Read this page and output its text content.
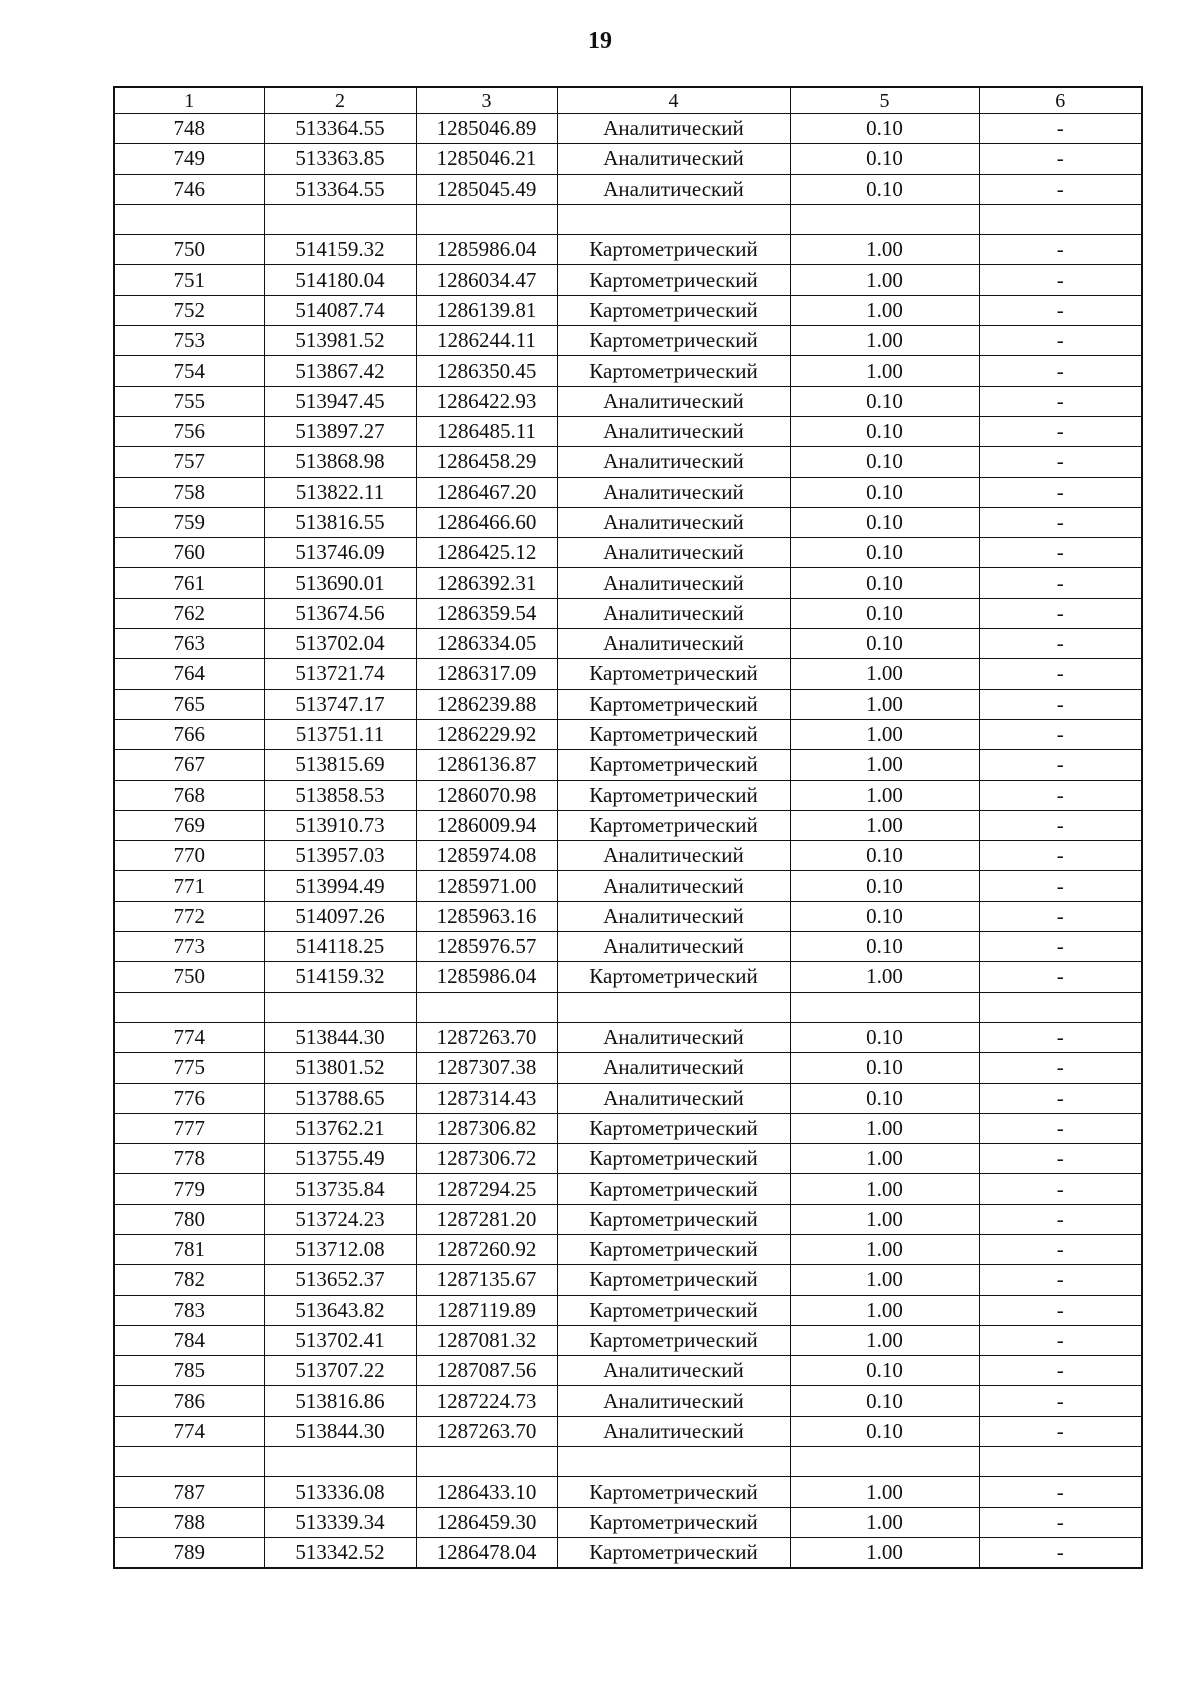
19
1	2	3	4	5	6
748	513364.55	1285046.89	Аналитический	0.10	-
749	513363.85	1285046.21	Аналитический	0.10	-
746	513364.55	1285045.49	Аналитический	0.10	-

750	514159.32	1285986.04	Картометрический	1.00	-
751	514180.04	1286034.47	Картометрический	1.00	-
752	514087.74	1286139.81	Картометрический	1.00	-
753	513981.52	1286244.11	Картометрический	1.00	-
754	513867.42	1286350.45	Картометрический	1.00	-
755	513947.45	1286422.93	Аналитический	0.10	-
756	513897.27	1286485.11	Аналитический	0.10	-
757	513868.98	1286458.29	Аналитический	0.10	-
758	513822.11	1286467.20	Аналитический	0.10	-
759	513816.55	1286466.60	Аналитический	0.10	-
760	513746.09	1286425.12	Аналитический	0.10	-
761	513690.01	1286392.31	Аналитический	0.10	-
762	513674.56	1286359.54	Аналитический	0.10	-
763	513702.04	1286334.05	Аналитический	0.10	-
764	513721.74	1286317.09	Картометрический	1.00	-
765	513747.17	1286239.88	Картометрический	1.00	-
766	513751.11	1286229.92	Картометрический	1.00	-
767	513815.69	1286136.87	Картометрический	1.00	-
768	513858.53	1286070.98	Картометрический	1.00	-
769	513910.73	1286009.94	Картометрический	1.00	-
770	513957.03	1285974.08	Аналитический	0.10	-
771	513994.49	1285971.00	Аналитический	0.10	-
772	514097.26	1285963.16	Аналитический	0.10	-
773	514118.25	1285976.57	Аналитический	0.10	-
750	514159.32	1285986.04	Картометрический	1.00	-

774	513844.30	1287263.70	Аналитический	0.10	-
775	513801.52	1287307.38	Аналитический	0.10	-
776	513788.65	1287314.43	Аналитический	0.10	-
777	513762.21	1287306.82	Картометрический	1.00	-
778	513755.49	1287306.72	Картометрический	1.00	-
779	513735.84	1287294.25	Картометрический	1.00	-
780	513724.23	1287281.20	Картометрический	1.00	-
781	513712.08	1287260.92	Картометрический	1.00	-
782	513652.37	1287135.67	Картометрический	1.00	-
783	513643.82	1287119.89	Картометрический	1.00	-
784	513702.41	1287081.32	Картометрический	1.00	-
785	513707.22	1287087.56	Аналитический	0.10	-
786	513816.86	1287224.73	Аналитический	0.10	-
774	513844.30	1287263.70	Аналитический	0.10	-

787	513336.08	1286433.10	Картометрический	1.00	-
788	513339.34	1286459.30	Картометрический	1.00	-
789	513342.52	1286478.04	Картометрический	1.00	-
